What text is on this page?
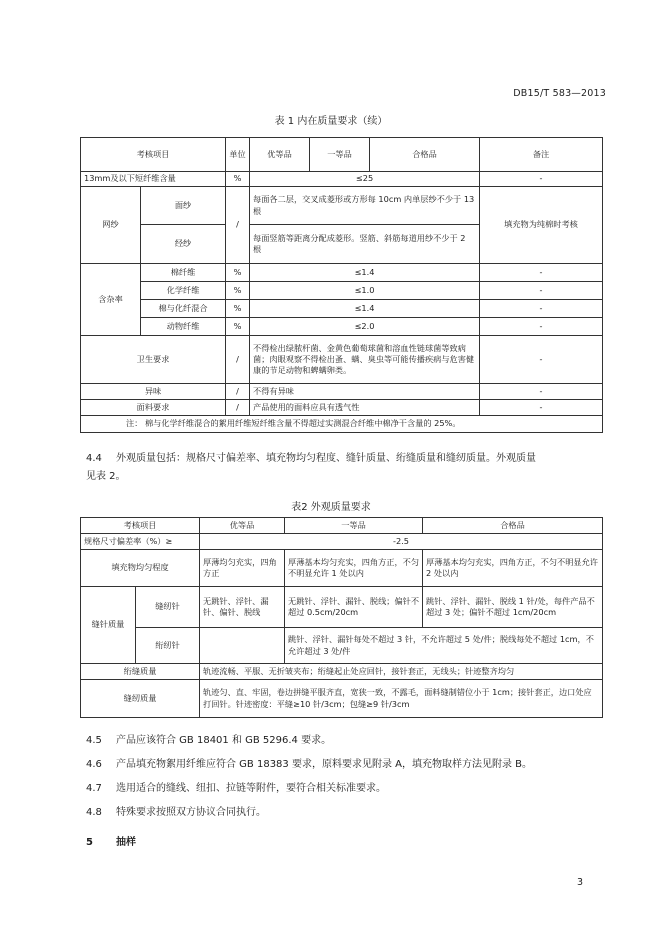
DB15/T 583—2013
表 1 内在质量要求（续）
考核项目		单位	优等品	一等品	合格品	备注
13mm及以下短纤维含量		%	≤25			-
网纱	面纱	/	每面各二层，交叉成菱形或方形每 10cm 内单层纱不少于 13 根			填充物为纯棉时考核
	经纱		每面竖筋等距离分配成菱形。竖筋、斜筋每道用纱不少于 2 根			
含杂率	棉纤维	%	≤1.4			-
	化学纤维	%	≤1.0			-
	棉与化纤混合	%	≤1.4			-
	动物纤维	%	≤2.0			-
卫生要求		/	不得检出绿脓杆菌、金黄色葡萄球菌和溶血性链球菌等致病菌；肉眼观察不得检出蚤、螨、臭虫等可能传播疾病与危害健康的节足动物和蜱螨卵类。			-
异味		/	不得有异味			-
面料要求		/	产品使用的面料应具有透气性			-
注： 棉与化学纤维混合的絮用纤维短纤维含量不得超过实测混合纤维中棉净干含量的 25%。						

4.4 外观质量包括：规格尺寸偏差率、填充物均匀程度、缝针质量、绗缝质量和缝纫质量。外观质量
见表 2。

表2 外观质量要求
考核项目		优等品	一等品	合格品
规格尺寸偏差率（%）≥		-2.5		
填充物均匀程度		厚薄均匀充实，四角方正	厚薄基本均匀充实，四角方正，不匀不明显允许 1 处以内	厚薄基本均匀充实，四角方正，不匀不明显允许 2 处以内
缝针质量	缝纫针	无跳针、浮针、漏针、偏针、脱线	无跳针、浮针、漏针、脱线；偏针不超过 0.5cm/20cm	跳针、浮针、漏针、脱线 1 针/处，每件产品不超过 3 处；偏针不超过 1cm/20cm
	绗纫针		跳针、浮针、漏针每处不超过 3 针，不允许超过 5 处/件；脱线每处不超过 1cm，不允许超过 3 处/件	
绗缝质量		轨迹流畅、平服、无折皱夹布；绗缝起止处应回针，接针套正，无线头；针迹整齐均匀		
缝纫质量		轨迹匀、直、牢固，卷边拼缝平服齐直，宽狭一致，不露毛，面料缝制错位小于 1cm；接针套正，边口处应打回针。针迹密度：平缝≥10 针/3cm；包缝≥9 针/3cm		

4.5 产品应该符合 GB 18401 和 GB 5296.4 要求。

4.6 产品填充物絮用纤维应符合 GB 18383 要求，原料要求见附录 A，填充物取样方法见附录 B。

4.7 选用适合的缝线、纽扣、拉链等附件，要符合相关标准要求。

4.8 特殊要求按照双方协议合同执行。

5 抽样

3
